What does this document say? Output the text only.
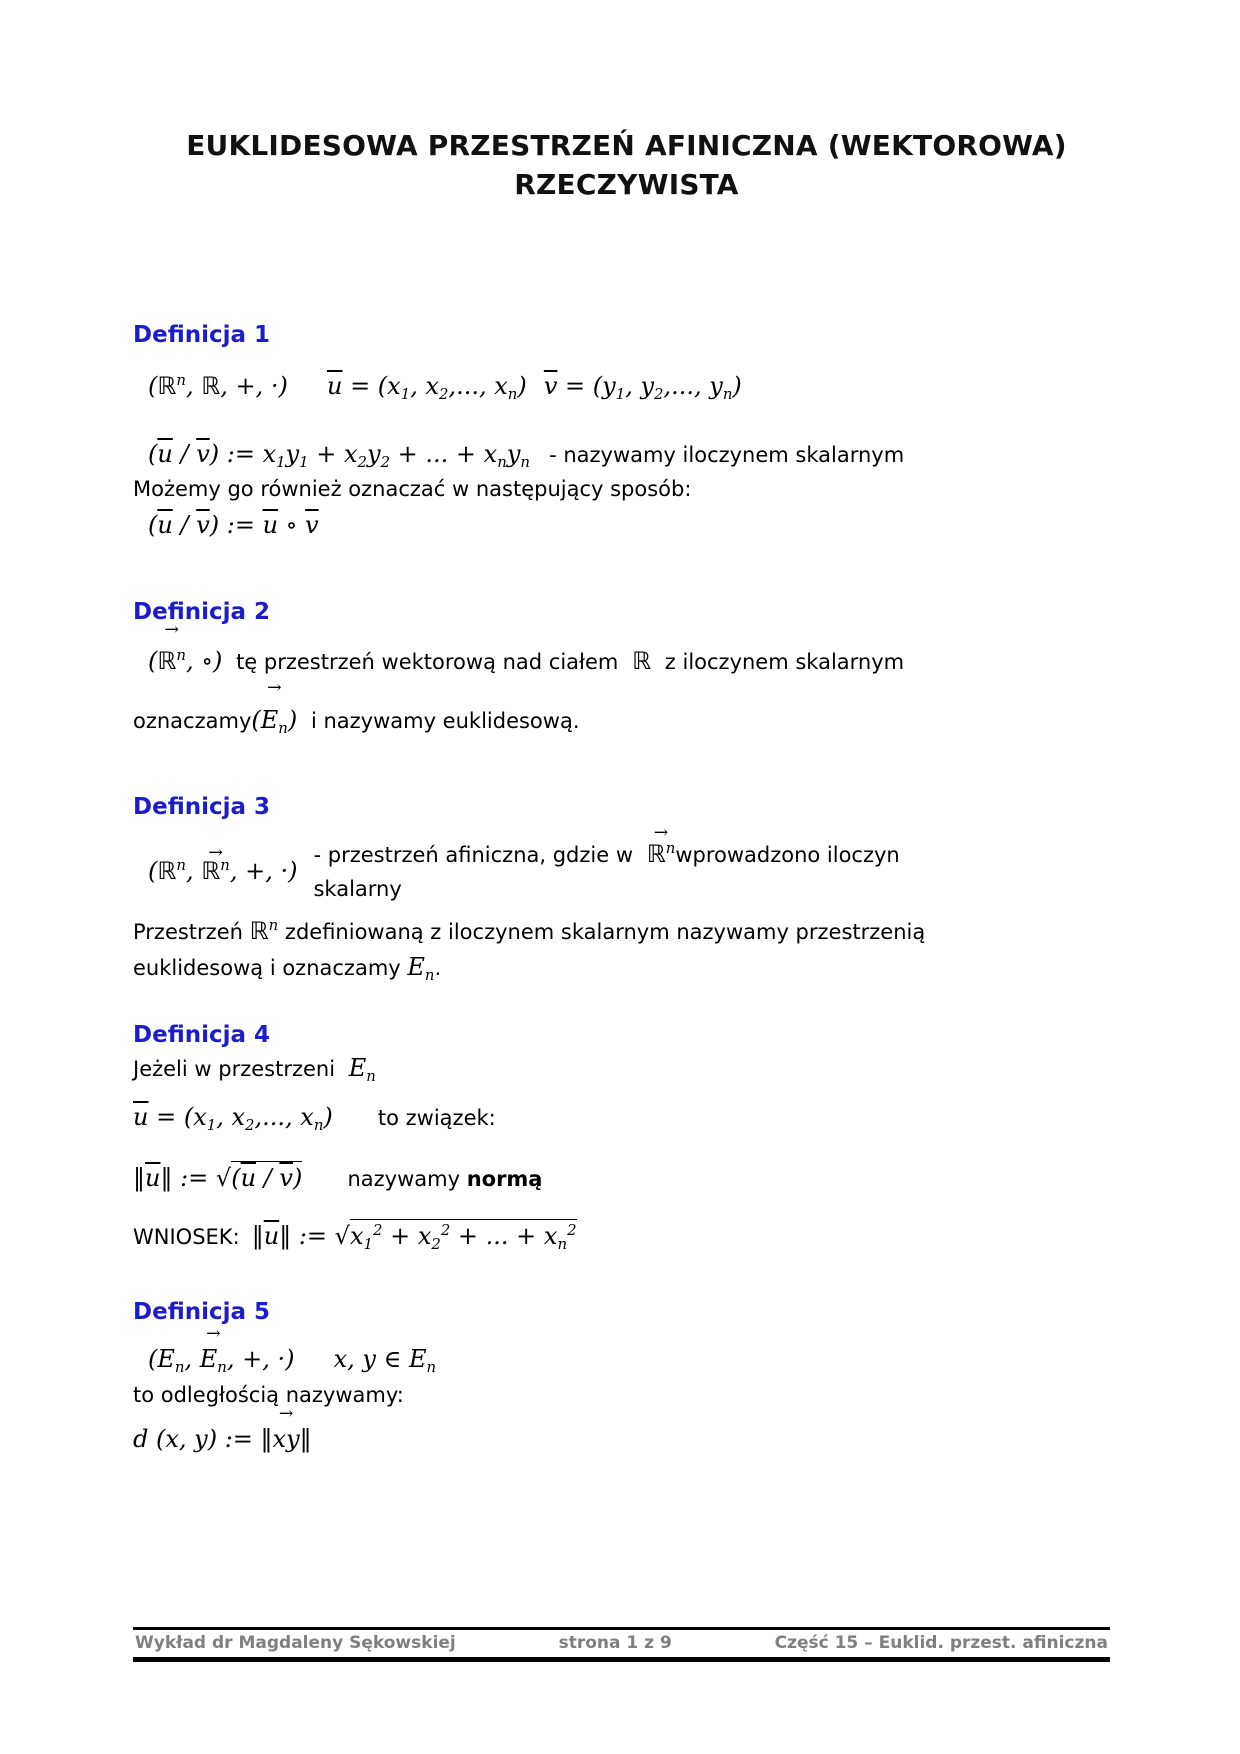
EUKLIDESOWA PRZESTRZEŃ AFINICZNA (WEKTOROWA)
RZECZYWISTA
Definicja 1
(ℝ$^n$, ℝ, +, ·) $\overline{u} = (x1$, x2,..., xn) $\overline{v} = (y1$, y2,..., yn)
$(\overline{u} / \overline{v})$ := x1y1 + x2y2 + ... + xnyn - nazywamy iloczynem skalarnym

Możemy go również oznaczać w następujący sposób:

$(\overline{u} / \overline{v})$ := $\overline{u}$ ∘ $\overline{v}$
Definicja 2
(
→
ℝ$^n$, ∘) tę przestrzeń wektorową nad ciałem ℝ z iloczynem skalarnym
oznaczamy(
→
En) i nazywamy euklidesową.
Definicja 3
(ℝ$^n$,
→
ℝ$^n$, +, ·)
- przestrzeń afiniczna, gdzie w
→
ℝ$^n$wprowadzono iloczyn
skalarny
Przestrzeń ℝ$^n$ zdefiniowaną z iloczynem skalarnym nazywamy przestrzenią
euklidesową i oznaczamy En.
Definicja 4
Jeżeli w przestrzeni En
$\overline{u} = (x1$, x2,..., xn) to związek:
$‖\overline{u}‖$ := $√(\overline{u} / \overline{v})$ nazywamy normą
WNIOSEK: $‖\overline{u}‖$ := $√x1^2 + x2^2$ + ... + $xn^2$
Definicja 5
(En,
→
En, +, ·) x, y ∈ En

to odległością nazywamy:

d (x, y) := ‖
→
xy‖
Wykład dr Magdaleny Sękowskiej	strona 1 z 9	Część 15 – Euklid. przest. afiniczna
